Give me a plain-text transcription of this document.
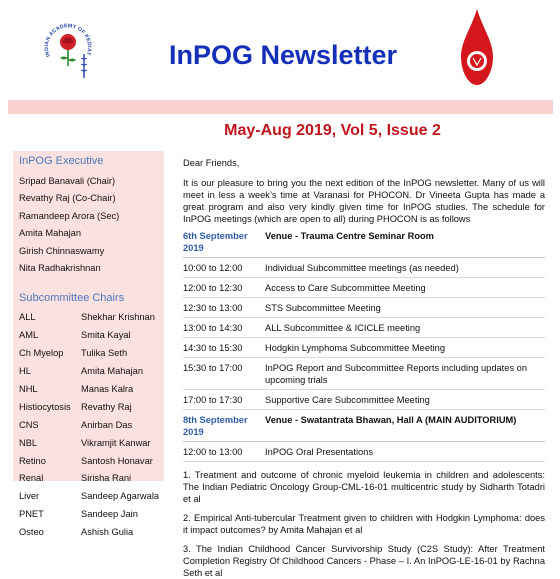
INDIAN ACADEMY OF PEDIAT	InPOG Newsletter
May-Aug 2019, Vol 5, Issue 2
InPOG Executive
Sripad Banavali (Chair)
Revathy Raj (Co-Chair)
Ramandeep Arora (Sec)
Amita Mahajan
Girish Chinnaswamy
Nita Radhakrishnan
Subcommittee Chairs
ALL	Shekhar Krishnan
AML	Smita Kayal
Ch Myelop	Tulika Seth
HL	Amita Mahajan
NHL	Manas Kalra
Histiocytosis	Revathy Raj
CNS	Anirban Das
NBL	Vikramjit Kanwar
Retino	Santosh Honavar
Renal	Sirisha Rani
Liver	Sandeep Agarwala
PNET	Sandeep Jain
Osteo	Ashish Gulia

Dear Friends,

It is our pleasure to bring you the next edition of the InPOG newsletter. Many of us will meet in less a week’s time at Varanasi for PHOCON. Dr Vineeta Gupta has made a great program and also very kindly given time for InPOG studies. The schedule for InPOG meetings (which are open to all) during PHOCON is as follows

6th September 2019	Venue - Trauma Centre Seminar Room
10:00 to 12:00	Individual Subcommittee meetings (as needed)
12:00 to 12:30	Access to Care Subcommittee Meeting
12:30 to 13:00	STS Subcommittee Meeting
13:00 to 14:30	ALL Subcommittee & ICICLE meeting
14:30 to 15:30	Hodgkin Lymphoma Subcommittee Meeting
15:30 to 17:00	InPOG Report and Subcommittee Reports including updates on upcoming trials
17:00 to 17:30	Supportive Care Subcommittee Meeting
8th September 2019	Venue - Swatantrata Bhawan, Hall A (MAIN AUDITORIUM)
12:00 to 13:00	InPOG Oral Presentations

1. Treatment and outcome of chronic myeloid leukemia in children and adolescents: The Indian Pediatric Oncology Group-CML-16-01 multicentric study by Sidharth Totadri et al

2. Empirical Anti-tubercular Treatment given to children with Hodgkin Lymphoma: does it impact outcomes? by Amita Mahajan et al

3. The Indian Childhood Cancer Survivorship Study (C2S Study): After Treatment Completion Registry Of Childhood Cancers - Phase – I. An InPOG-LE-16-01 by Rachna Seth et al
